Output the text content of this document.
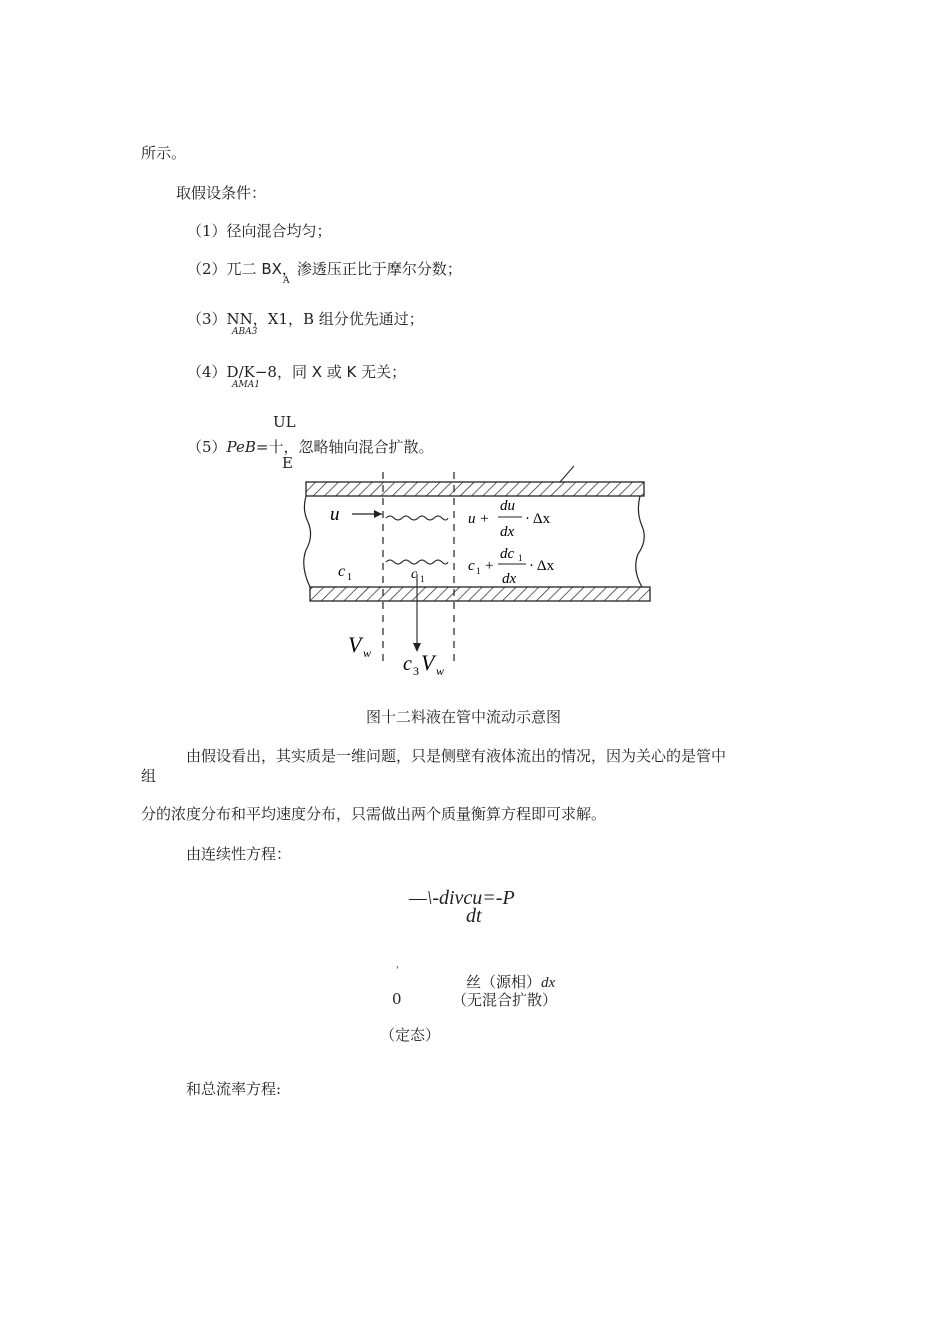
所示。
取假设条件：
（1）径向混合均匀；
（2）兀二 BX，渗透压正比于摩尔分数；
A
（3）NN，X1，B 组分优先通过；
ABA3
（4）D/K−8，同 X 或 K 无关；
AMA1
UL
（5）PeB=十，忽略轴向混合扩散。
E
u	u +
du
dx
· Δx
c 1	c 1
c 1 +
dc 1
dx
· Δx
V w c 3 V w
图十二料液在管中流动示意图
由假设看出，其实质是一维问题，只是侧壁有液体流出的情况，因为关心的是管中
组
分的浓度分布和平均速度分布，只需做出两个质量衡算方程即可求解。
由连续性方程：
—\-divcu=-P
dt
'
0
丝（源相）dx
（无混合扩散）
（定态）
和总流率方程:
